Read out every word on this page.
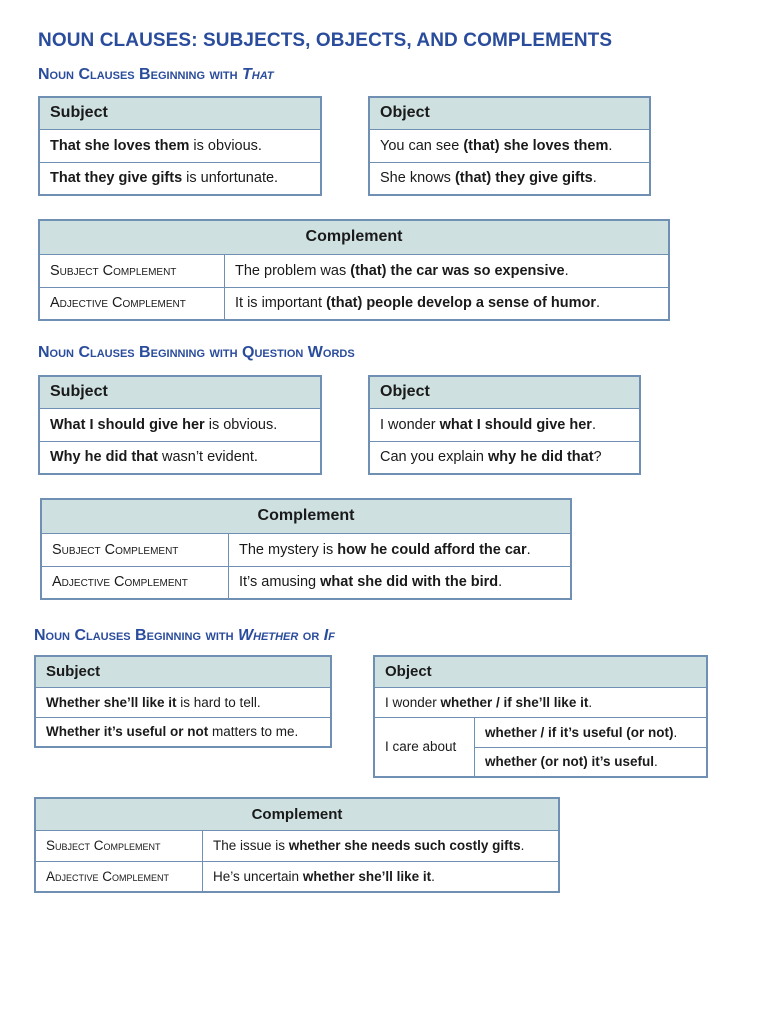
NOUN CLAUSES: SUBJECTS, OBJECTS, AND COMPLEMENTS
Noun Clauses Beginning with That
Subject
That she loves them is obvious.
That they give gifts is unfortunate.
Object
You can see (that) she loves them.
She knows (that) they give gifts.
Complement	
Subject Complement	The problem was (that) the car was so expensive.
Adjective Complement	It is important (that) people develop a sense of humor.
Noun Clauses Beginning with Question Words
Subject
What I should give her is obvious.
Why he did that wasn’t evident.
Object
I wonder what I should give her.
Can you explain why he did that?
Complement	
Subject Complement	The mystery is how he could afford the car.
Adjective Complement	It’s amusing what she did with the bird.
Noun Clauses Beginning with Whether or If
Subject
Whether she’ll like it is hard to tell.
Whether it’s useful or not matters to me.
Object
I wonder whether / if she’ll like it.
I care about	whether / if it’s useful (or not).
whether (or not) it’s useful.
Complement	
Subject Complement	The issue is whether she needs such costly gifts.
Adjective Complement	He’s uncertain whether she’ll like it.
